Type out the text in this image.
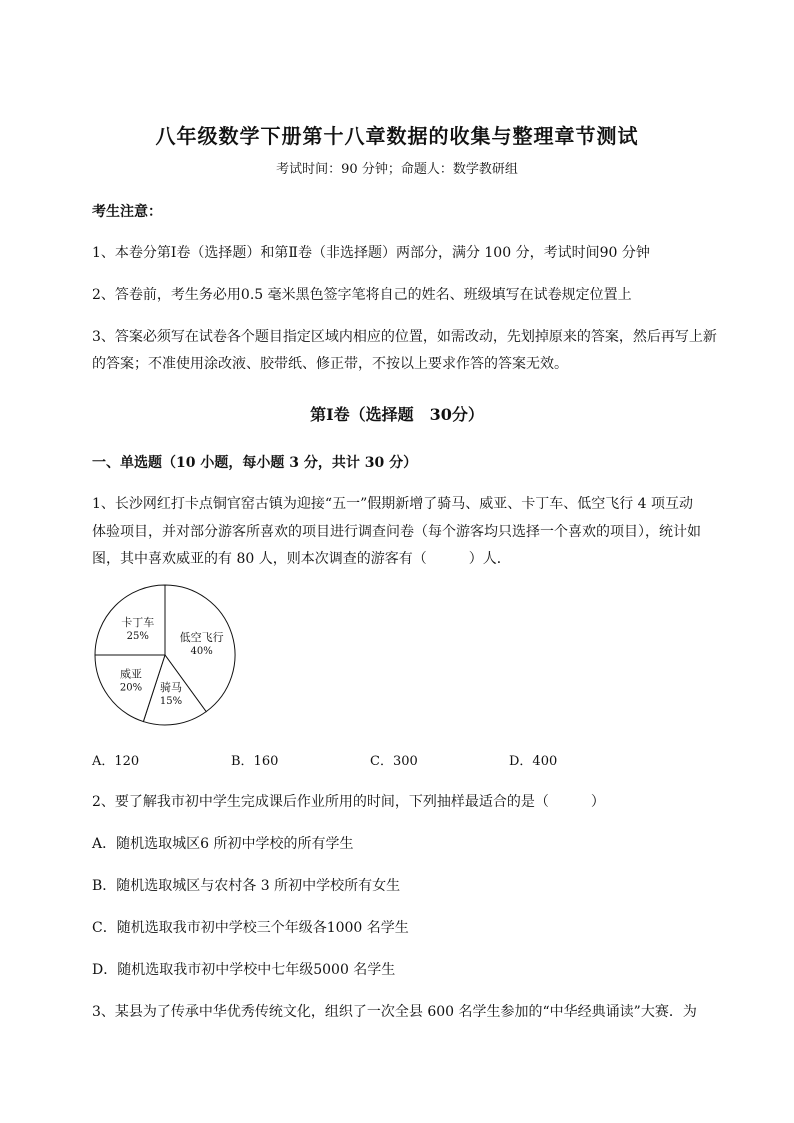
八年级数学下册第十八章数据的收集与整理章节测试
考试时间：90 分钟；命题人：数学教研组
考生注意：
1、本卷分第Ⅰ卷（选择题）和第Ⅱ卷（非选择题）两部分，满分 100 分，考试时间90 分钟
2、答卷前，考生务必用0.5 毫米黑色签字笔将自己的姓名、班级填写在试卷规定位置上
3、答案必须写在试卷各个题目指定区域内相应的位置，如需改动，先划掉原来的答案，然后再写上新
的答案；不准使用涂改液、胶带纸、修正带，不按以上要求作答的答案无效。
第Ⅰ卷（选择题　30分）
一、单选题（10 小题，每小题 3 分，共计 30 分）
1、长沙网红打卡点铜官窑古镇为迎接“五一”假期新增了骑马、威亚、卡丁车、低空飞行 4 项互动
体验项目，并对部分游客所喜欢的项目进行调查问卷（每个游客均只选择一个喜欢的项目），统计如
图，其中喜欢威亚的有 80 人，则本次调查的游客有（　　　）人．
低空飞行
40%
骑马
15%
威亚
20%
卡丁车
25%
A．120	B．160	C．300	D．400
2、要了解我市初中学生完成课后作业所用的时间，下列抽样最适合的是（　　　）
A．随机选取城区6 所初中学校的所有学生
B．随机选取城区与农村各 3 所初中学校所有女生
C．随机选取我市初中学校三个年级各1000 名学生
D．随机选取我市初中学校中七年级5000 名学生
3、某县为了传承中华优秀传统文化，组织了一次全县 600 名学生参加的“中华经典诵读”大赛．为
